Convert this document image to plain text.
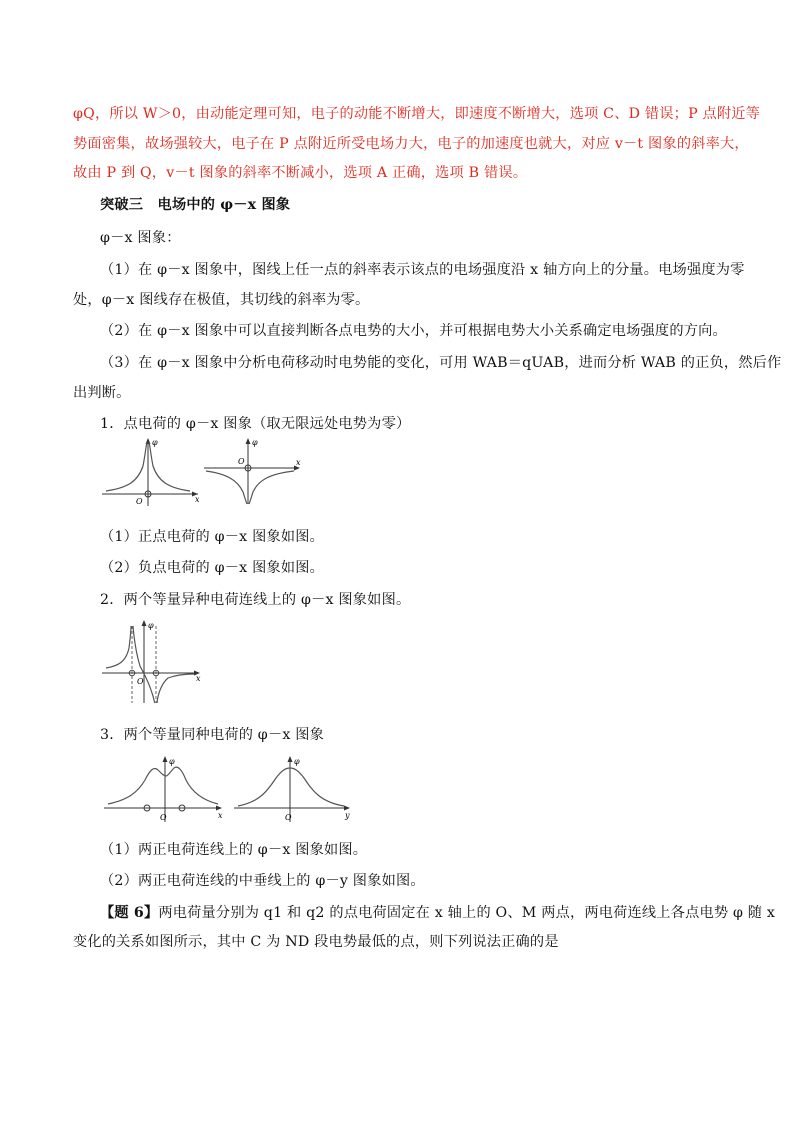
φQ，所以 W＞0，由动能定理可知，电子的动能不断增大，即速度不断增大，选项 C、D 错误；P 点附近等
势面密集，故场强较大，电子在 P 点附近所受电场力大，电子的加速度也就大，对应 v－t 图象的斜率大，
故由 P 到 Q，v－t 图象的斜率不断减小，选项 A 正确，选项 B 错误。
突破三　电场中的 φ－x 图象
φ－x 图象：
（1）在 φ－x 图象中，图线上任一点的斜率表示该点的电场强度沿 x 轴方向上的分量。电场强度为零
处，φ－x 图线存在极值，其切线的斜率为零。
（2）在 φ－x 图象中可以直接判断各点电势的大小，并可根据电势大小关系确定电场强度的方向。
（3）在 φ－x 图象中分析电荷移动时电势能的变化，可用 WAB＝qUAB，进而分析 WAB 的正负，然后作
出判断。
1．点电荷的 φ－x 图象（取无限远处电势为零）
O
φ
x
O
φ
x
（1）正点电荷的 φ－x 图象如图。
（2）负点电荷的 φ－x 图象如图。
2．两个等量异种电荷连线上的 φ－x 图象如图。
O
φ
x
3．两个等量同种电荷的 φ－x 图象
O
φ
x	O
φ
y
（1）两正电荷连线上的 φ－x 图象如图。
（2）两正电荷连线的中垂线上的 φ－y 图象如图。
【题 6】两电荷量分别为 q1 和 q2 的点电荷固定在 x 轴上的 O、M 两点，两电荷连线上各点电势 φ 随 x
变化的关系如图所示，其中 C 为 ND 段电势最低的点，则下列说法正确的是
